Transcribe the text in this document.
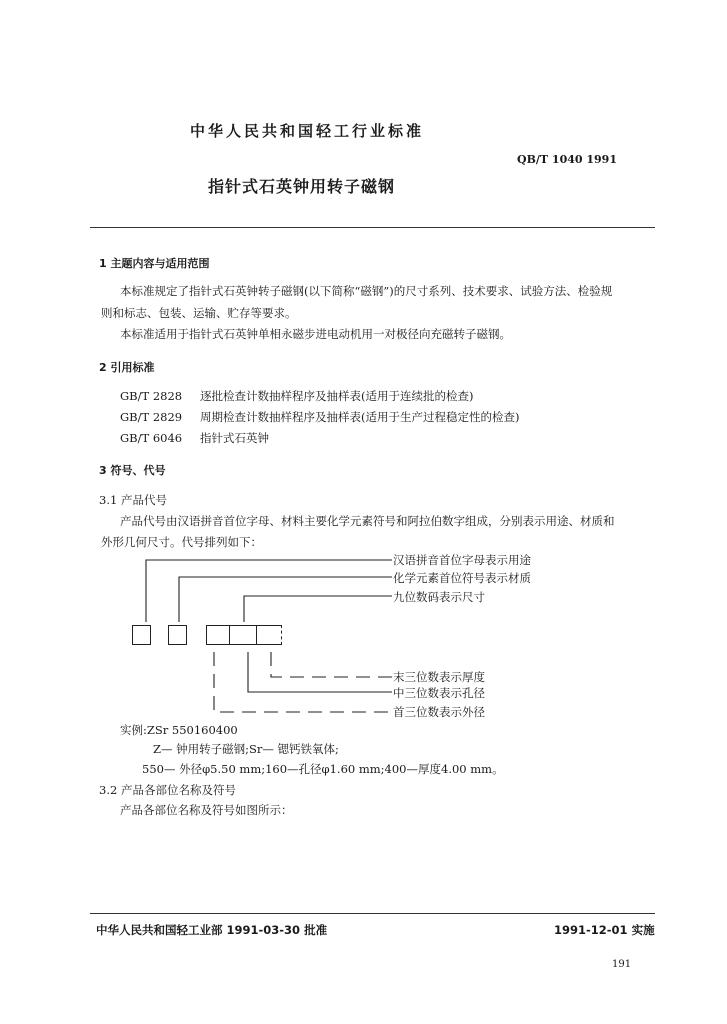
中华人民共和国轻工行业标准
QB/T 1040 1991
指针式石英钟用转子磁钢
1 主题内容与适用范围
本标准规定了指针式石英钟转子磁钢(以下简称“磁钢”)的尺寸系列、技术要求、试验方法、检验规
则和标志、包装、运输、贮存等要求。
本标准适用于指针式石英钟单相永磁步进电动机用一对极径向充磁转子磁钢。
2 引用标准
GB/T 2828 逐批检查计数抽样程序及抽样表(适用于连续批的检查)
GB/T 2829 周期检查计数抽样程序及抽样表(适用于生产过程稳定性的检查)
GB/T 6046 指针式石英钟
3 符号、代号
3.1 产品代号
产品代号由汉语拼音首位字母、材料主要化学元素符号和阿拉伯数字组成，分别表示用途、材质和
外形几何尺寸。代号排列如下：
汉语拼音首位字母表示用途
化学元素首位符号表示材质
九位数码表示尺寸
末三位数表示厚度
中三位数表示孔径
首三位数表示外径
实例:ZSr 550160400
Z— 钟用转子磁钢;Sr— 锶钙铁氧体;
550— 外径φ5.50 mm;160—孔径φ1.60 mm;400—厚度4.00 mm。
3.2 产品各部位名称及符号
产品各部位名称及符号如图所示：
中华人民共和国轻工业部 1991-03-30 批准	1991-12-01 实施
191
